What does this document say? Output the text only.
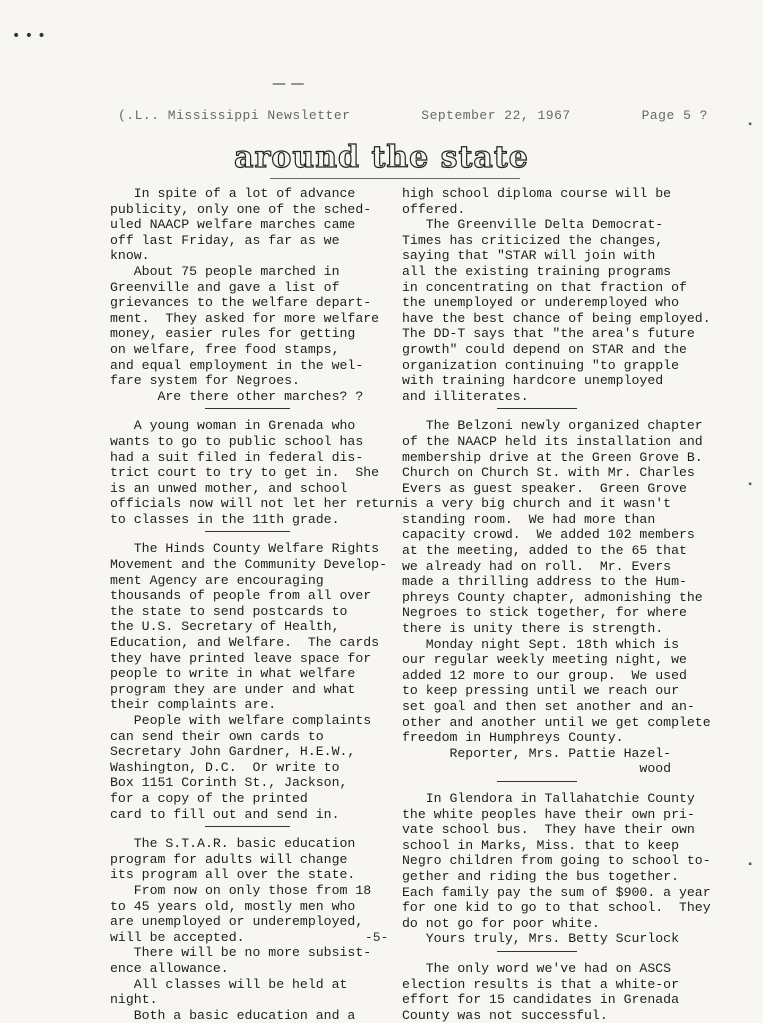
• • •
— —
(.L.. Mississippi Newsletter	September 22, 1967	Page 5 ?
around the state

In spite of a lot of advance

publicity, only one of the sched-

uled NAACP welfare marches came

off last Friday, as far as we

know.

About 75 people marched in

Greenville and gave a list of

grievances to the welfare depart-

ment.  They asked for more welfare

money, easier rules for getting

on welfare, free food stamps,

and equal employment in the wel-

fare system for Negroes.

Are there other marches? ?

A young woman in Grenada who

wants to go to public school has

had a suit filed in federal dis-

trict court to try to get in.  She

is an unwed mother, and school

officials now will not let her return

to classes in the 11th grade.

The Hinds County Welfare Rights

Movement and the Community Develop-

ment Agency are encouraging

thousands of people from all over

the state to send postcards to

the U.S. Secretary of Health,

Education, and Welfare.  The cards

they have printed leave space for

people to write in what welfare

program they are under and what

their complaints are.

People with welfare complaints

can send their own cards to

Secretary John Gardner, H.E.W.,

Washington, D.C.  Or write to

Box 1151 Corinth St., Jackson,

for a copy of the printed

card to fill out and send in.

The S.T.A.R. basic education

program for adults will change

its program all over the state.

From now on only those from 18

to 45 years old, mostly men who

are unemployed or underemployed,

will be accepted.

There will be no more subsist-

ence allowance.

All classes will be held at

night.

Both a basic education and a

high school diploma course will be

offered.

The Greenville Delta Democrat-

Times has criticized the changes,

saying that "STAR will join with

all the existing training programs

in concentrating on that fraction of

the unemployed or underemployed who

have the best chance of being employed.

The DD-T says that "the area's future

growth" could depend on STAR and the

organization continuing "to grapple

with training hardcore unemployed

and illiterates.

The Belzoni newly organized chapter

of the NAACP held its installation and

membership drive at the Green Grove B.

Church on Church St. with Mr. Charles

Evers as guest speaker.  Green Grove

is a very big church and it wasn't

standing room.  We had more than

capacity crowd.  We added 102 members

at the meeting, added to the 65 that

we already had on roll.  Mr. Evers

made a thrilling address to the Hum-

phreys County chapter, admonishing the

Negroes to stick together, for where

there is unity there is strength.

Monday night Sept. 18th which is

our regular weekly meeting night, we

added 12 more to our group.  We used

to keep pressing until we reach our

set goal and then set another and an-

other and another until we get complete

freedom in Humphreys County.

Reporter, Mrs. Pattie Hazel-

wood

In Glendora in Tallahatchie County

the white peoples have their own pri-

vate school bus.  They have their own

school in Marks, Miss. that to keep

Negro children from going to school to-

gether and riding the bus together.

Each family pay the sum of $900. a year

for one kid to go to that school.  They

do not go for poor white.

Yours truly, Mrs. Betty Scurlock

The only word we've had on ASCS

election results is that a white-or

effort for 15 candidates in Grenada

County was not successful.

-5-
▪
▪
▪
